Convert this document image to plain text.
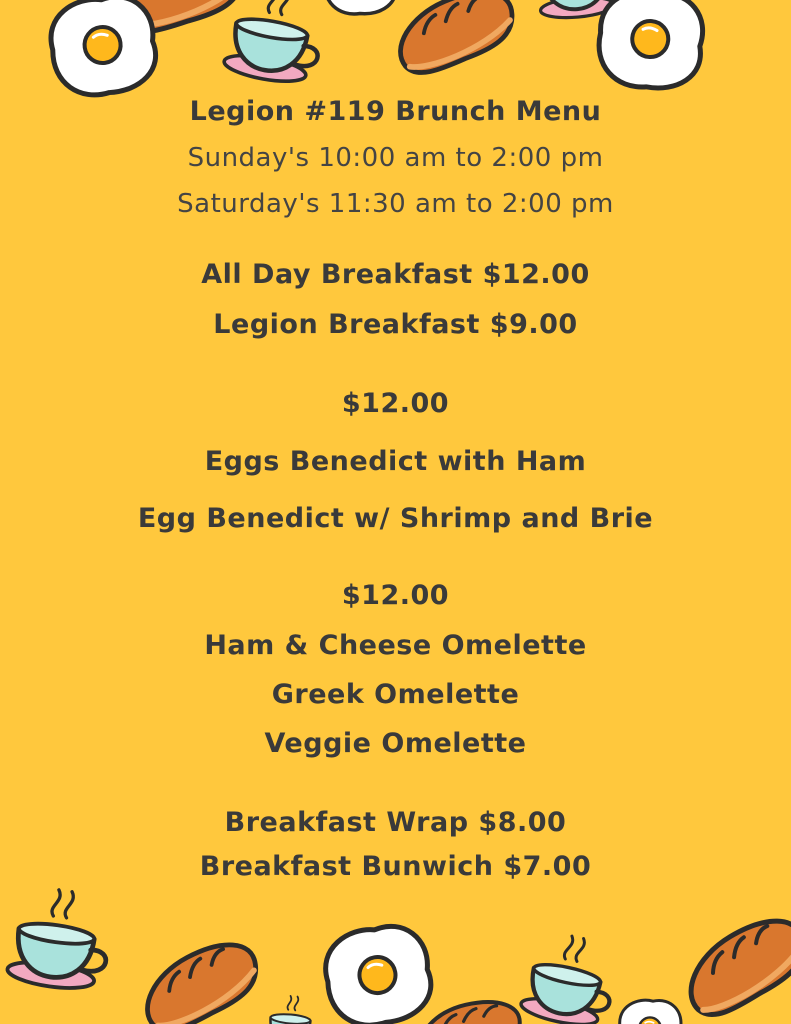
Legion #119 Brunch Menu
Sunday's 10:00 am to 2:00 pm
Saturday's 11:30 am to 2:00 pm
All Day Breakfast $12.00
Legion Breakfast $9.00
$12.00
Eggs Benedict with Ham
Egg Benedict w/ Shrimp and Brie
$12.00
Ham & Cheese Omelette
Greek Omelette
Veggie Omelette
Breakfast Wrap $8.00
Breakfast Bunwich $7.00
